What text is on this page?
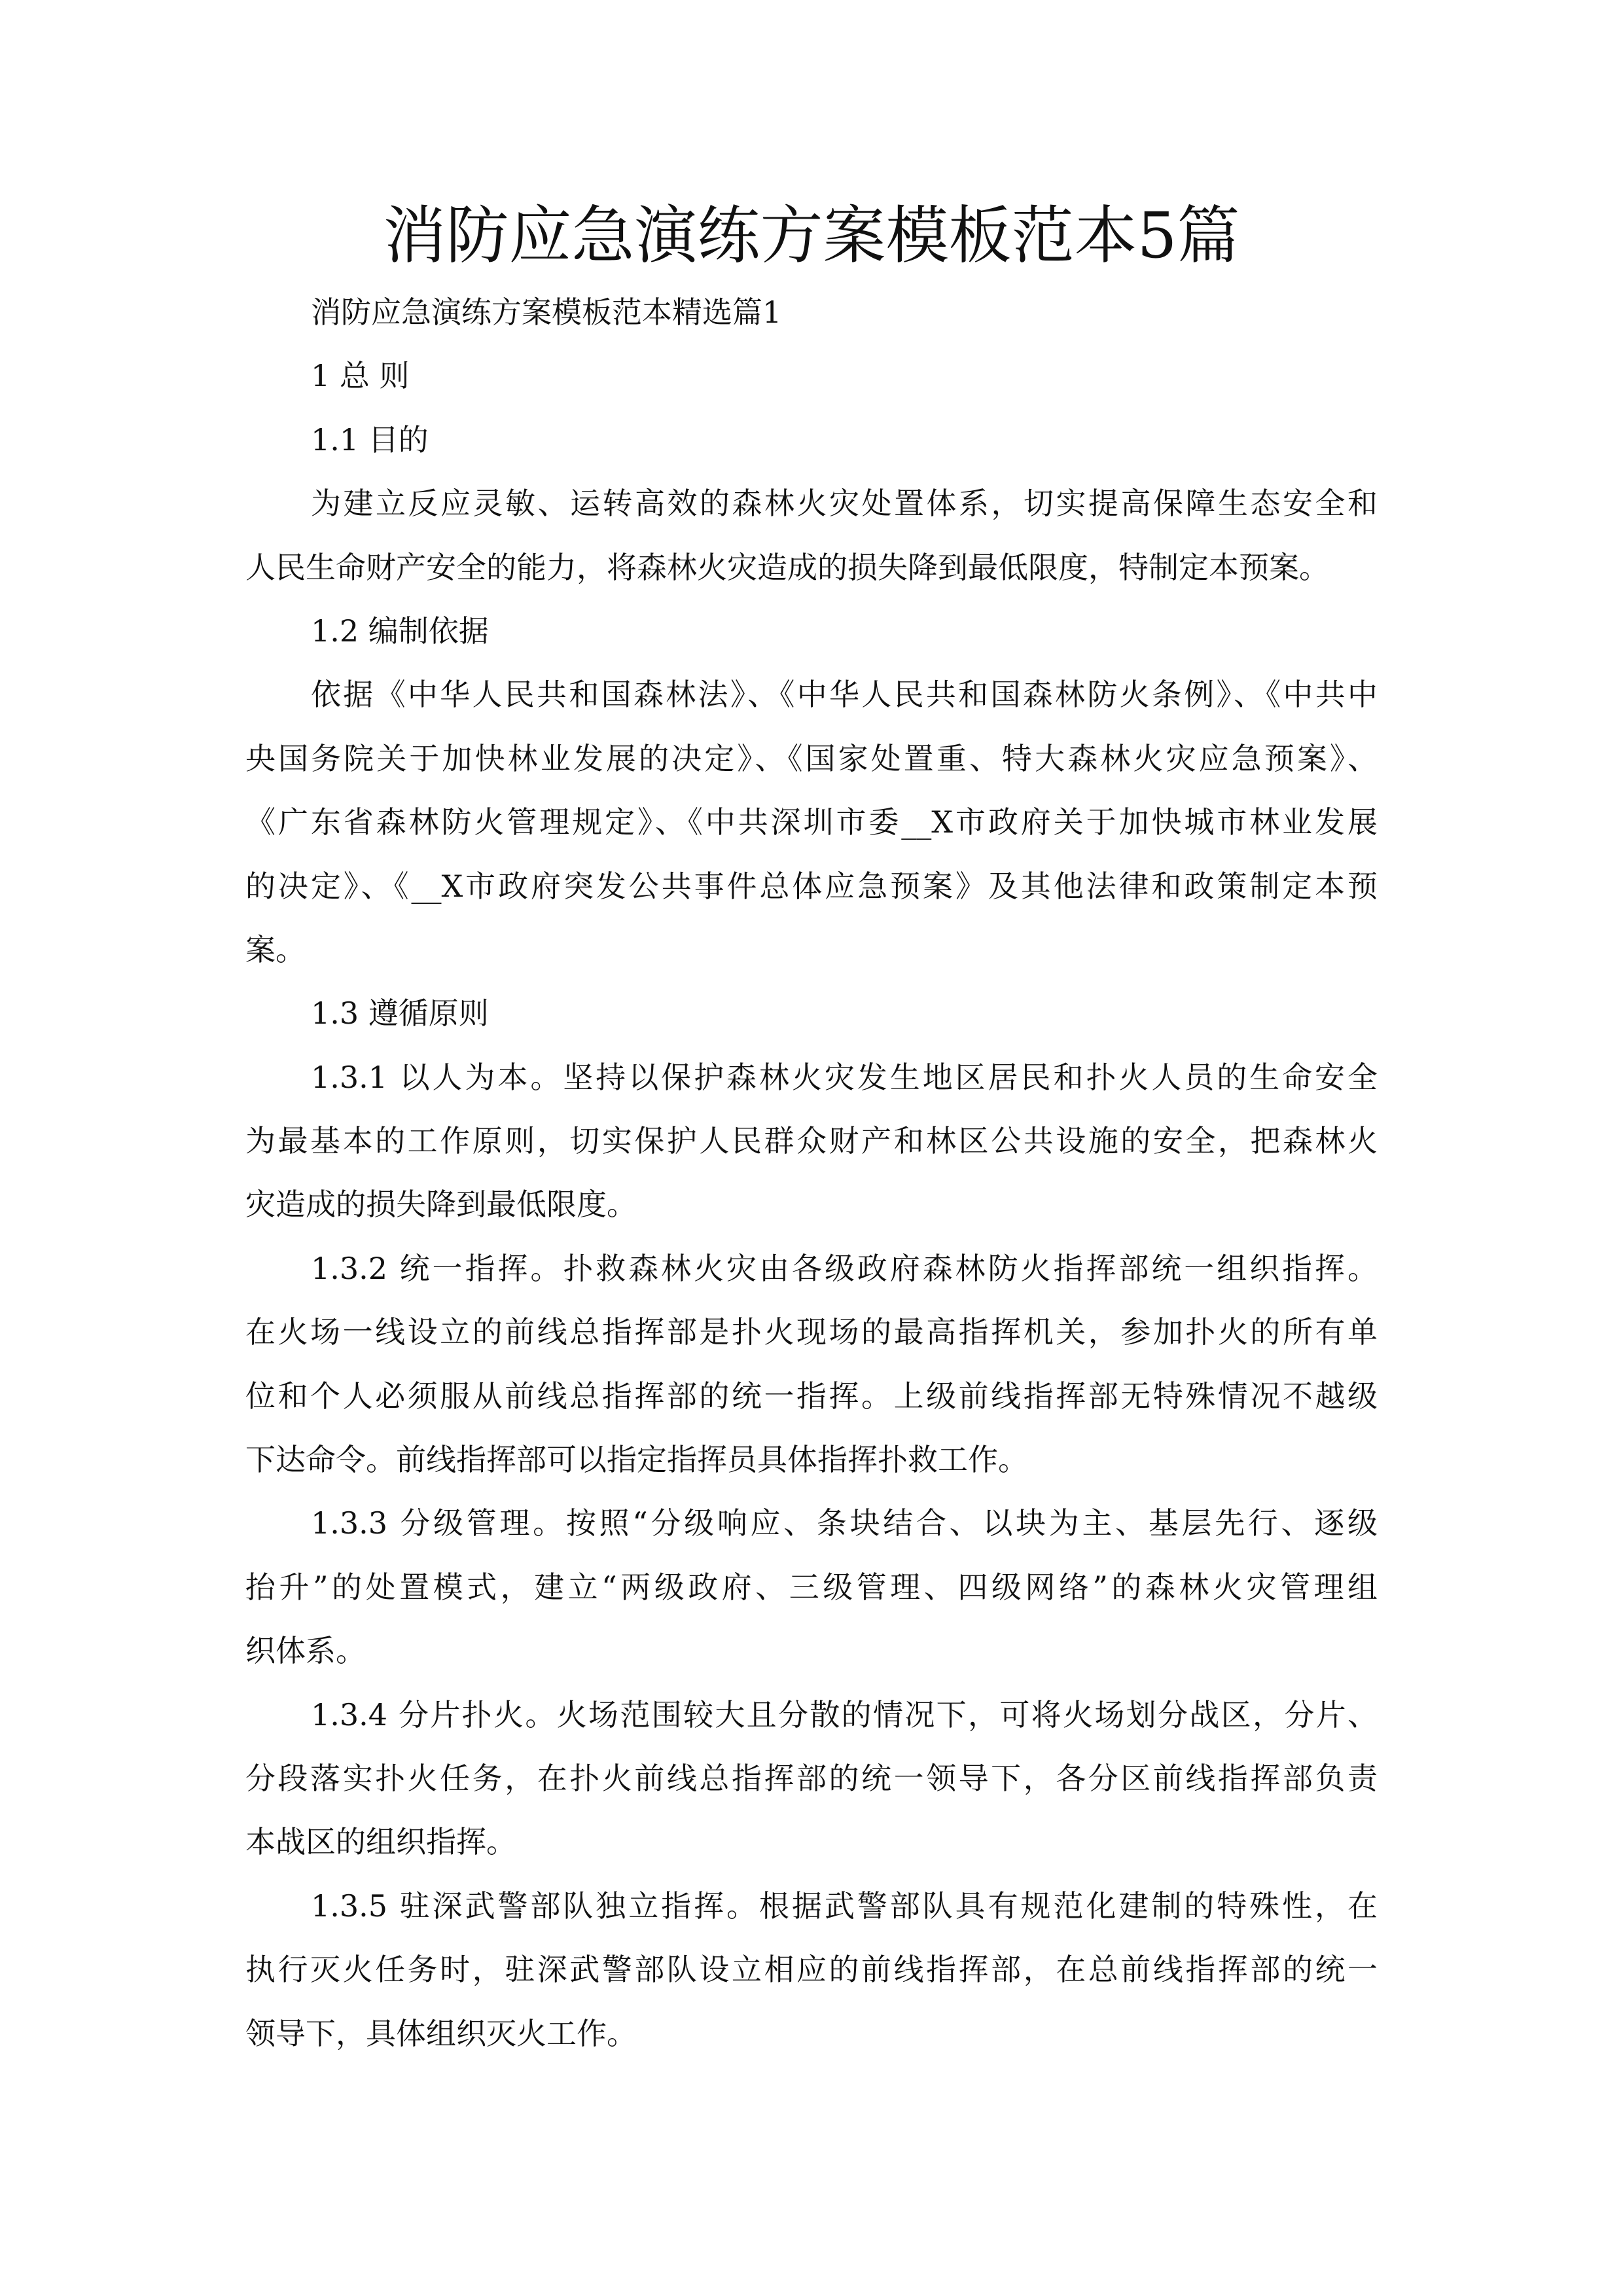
消防应急演练方案模板范本5篇
消防应急演练方案模板范本精选篇1
1 总 则
1.1 目的
为建立反应灵敏、运转高效的森林火灾处置体系，切实提高保障生态安全和
人民生命财产安全的能力，将森林火灾造成的损失降到最低限度，特制定本预案。
1.2 编制依据
依据《中华人民共和国森林法》、《中华人民共和国森林防火条例》、《中共中
央国务院关于加快林业发展的决定》、《国家处置重、特大森林火灾应急预案》、
《广东省森林防火管理规定》、《中共深圳市委__X市政府关于加快城市林业发展
的决定》、《__X市政府突发公共事件总体应急预案》及其他法律和政策制定本预
案。
1.3 遵循原则
1.3.1 以人为本。坚持以保护森林火灾发生地区居民和扑火人员的生命安全
为最基本的工作原则，切实保护人民群众财产和林区公共设施的安全，把森林火
灾造成的损失降到最低限度。
1.3.2 统一指挥。扑救森林火灾由各级政府森林防火指挥部统一组织指挥。
在火场一线设立的前线总指挥部是扑火现场的最高指挥机关，参加扑火的所有单
位和个人必须服从前线总指挥部的统一指挥。上级前线指挥部无特殊情况不越级
下达命令。前线指挥部可以指定指挥员具体指挥扑救工作。
1.3.3 分级管理。按照“分级响应、条块结合、以块为主、基层先行、逐级
抬升”的处置模式，建立“两级政府、三级管理、四级网络”的森林火灾管理组
织体系。
1.3.4 分片扑火。火场范围较大且分散的情况下，可将火场划分战区，分片、
分段落实扑火任务，在扑火前线总指挥部的统一领导下，各分区前线指挥部负责
本战区的组织指挥。
1.3.5 驻深武警部队独立指挥。根据武警部队具有规范化建制的特殊性，在
执行灭火任务时，驻深武警部队设立相应的前线指挥部，在总前线指挥部的统一
领导下，具体组织灭火工作。
